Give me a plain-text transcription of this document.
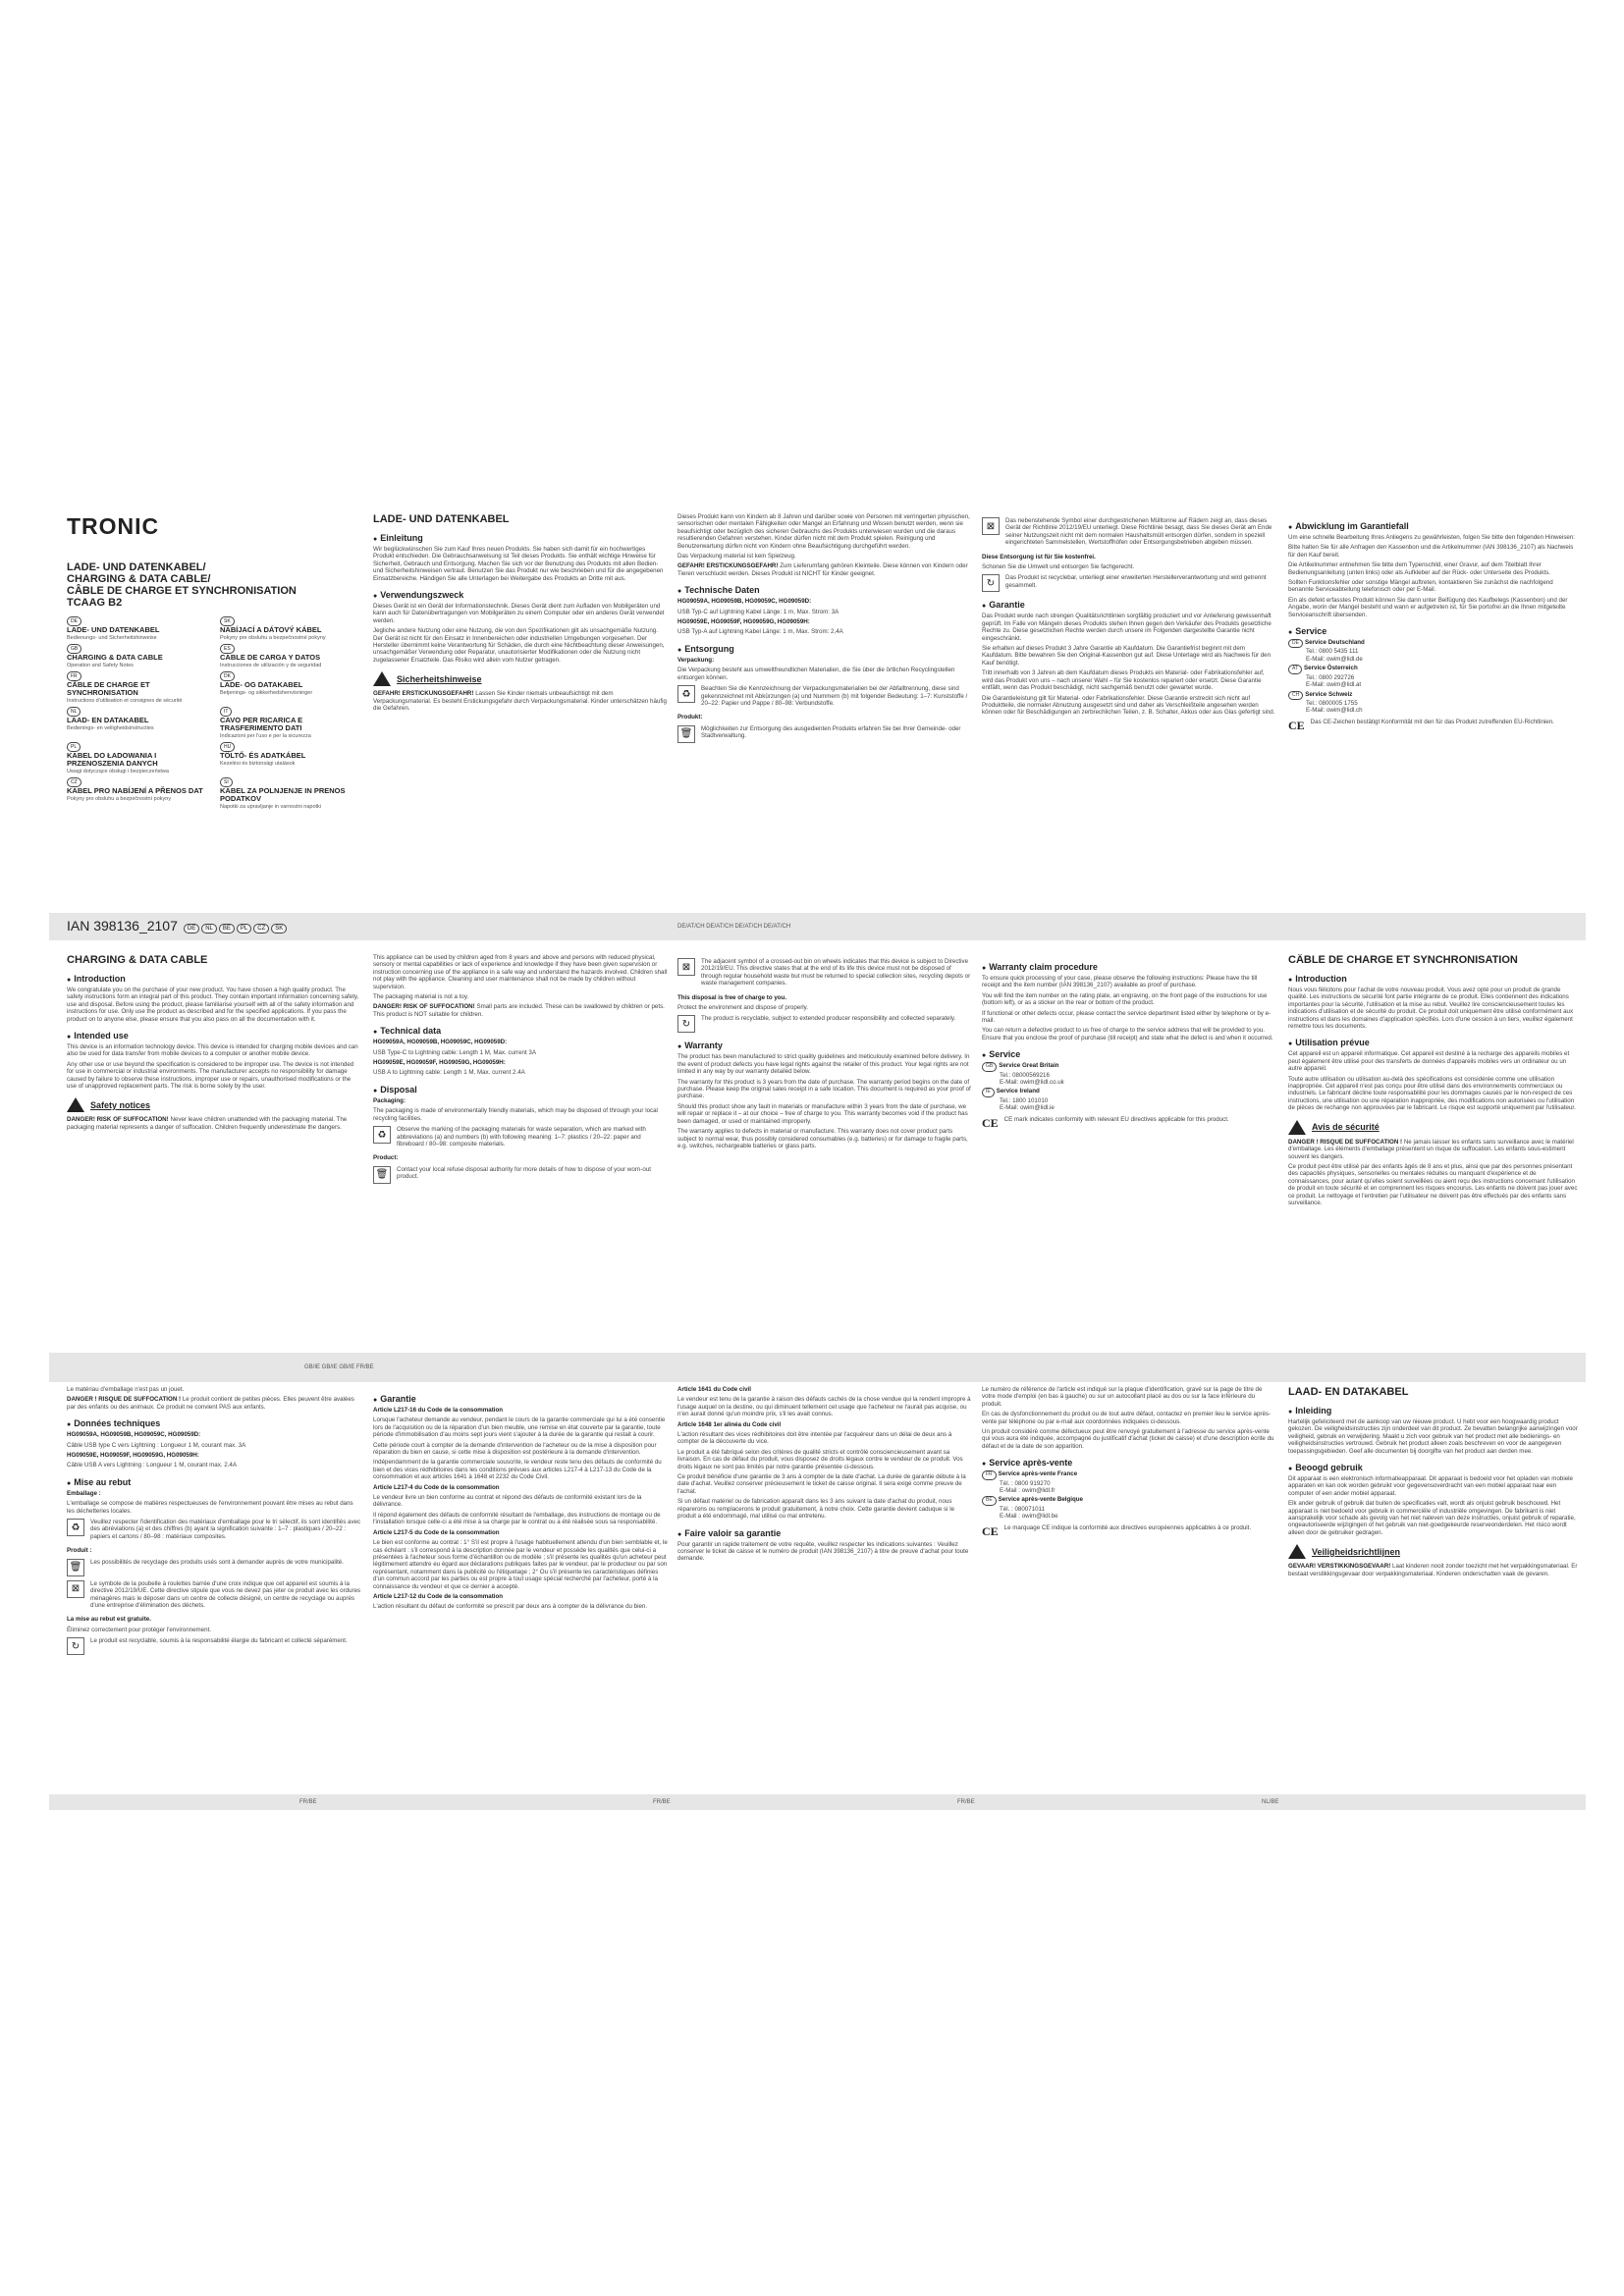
TRONIC
LADE- UND DATENKABEL/
CHARGING & DATA CABLE/
CÂBLE DE CHARGE ET SYNCHRONISATION
TCAAG B2
DE
LADE- UND DATENKABEL
Bedienungs- und Sicherheitshinweise
SK
NABÍJACÍ A DÁTOVÝ KÁBEL
Pokyny pre obsluhu a bezpečnostné pokyny
GB
CHARGING & DATA CABLE
Operation and Safety Notes
ES
CABLE DE CARGA Y DATOS
Instrucciones de utilización y de seguridad
FR
CÂBLE DE CHARGE ET SYNCHRONISATION
Instructions d'utilisation et consignes de sécurité
DK
LADE- OG DATAKABEL
Betjenings- og sikkerhedshenvisninger
NL
LAAD- EN DATAKABEL
Bedienings- en veiligheidsinstructies
IT
CAVO PER RICARICA E TRASFERIMENTO DATI
Indicazioni per l'uso e per la sicurezza
PL
KABEL DO ŁADOWANIA I PRZENOSZENIA DANYCH
Uwagi dotyczące obsługi i bezpieczeństwa
HU
TÖLTŐ- ÉS ADATKÁBEL
Kezelési és biztonsági utalások
CZ
KABEL PRO NABÍJENÍ A PŘENOS DAT
Pokyny pro obsluhu a bezpečnostní pokyny
SI
KABEL ZA POLNJENJE IN PRENOS PODATKOV
Napotki za upravljanje in varnostni napotki
LADE- UND DATENKABEL
● Einleitung

Wir beglückwünschen Sie zum Kauf Ihres neuen Produkts. Sie haben sich damit für ein hochwertiges Produkt entschieden. Die Gebrauchsanweisung ist Teil dieses Produkts. Sie enthält wichtige Hinweise für Sicherheit, Gebrauch und Entsorgung. Machen Sie sich vor der Benutzung des Produkts mit allen Bedien- und Sicherheitshinweisen vertraut. Benutzen Sie das Produkt nur wie beschrieben und für die angegebenen Einsatzbereiche. Händigen Sie alle Unterlagen bei Weitergabe des Produkts an Dritte mit aus.

● Verwendungszweck

Dieses Gerät ist ein Gerät der Informationstechnik. Dieses Gerät dient zum Aufladen von Mobilgeräten und kann auch für Datenübertragungen von Mobilgeräten zu einem Computer oder ein anderes Gerät verwendet werden.

Jegliche andere Nutzung oder eine Nutzung, die von den Spezifikationen gilt als unsachgemäße Nutzung. Der Gerät ist nicht für den Einsatz in Innenbereichen oder industriellen Umgebungen vorgesehen. Der Hersteller übernimmt keine Verantwortung für Schäden, die durch eine Nichtbeachtung dieser Anweisungen, unsachgemäßer Verwendung oder Reparatur, unautorisierter Modifikationen oder die Nutzung nicht zugelassener Ersatzteile. Das Risiko wird allein vom Nutzer getragen.

Sicherheitshinweise

GEFAHR! ERSTICKUNGSGEFAHR! Lassen Sie Kinder niemals unbeaufsichtigt mit dem Verpackungsmaterial. Es besteht Erstickungsgefahr durch Verpackungsmaterial. Kinder unterschätzen häufig die Gefahren.

Dieses Produkt kann von Kindern ab 8 Jahren und darüber sowie von Personen mit verringerten physischen, sensorischen oder mentalen Fähigkeiten oder Mangel an Erfahrung und Wissen benutzt werden, wenn sie beaufsichtigt oder bezüglich des sicheren Gebrauchs des Produkts unterwiesen wurden und die daraus resultierenden Gefahren verstehen. Kinder dürfen nicht mit dem Produkt spielen. Reinigung und Benutzerwartung dürfen nicht von Kindern ohne Beaufsichtigung durchgeführt werden.

Das Verpackung material ist kein Spielzeug.

GEFAHR! ERSTICKUNGSGEFAHR! Zum Lieferumfang gehören Kleinteile. Diese können von Kindern oder Tieren verschluckt werden. Dieses Produkt ist NICHT für Kinder geeignet.

● Technische Daten

HG09059A, HG09059B, HG09059C, HG09059D:

USB Typ-C auf Lightning Kabel Länge: 1 m, Max. Strom: 3A

HG09059E, HG09059F, HG09059G, HG09059H:

USB Typ-A auf Lightning Kabel Länge: 1 m, Max. Strom: 2,4A

● Entsorgung

Verpackung:

Die Verpackung besteht aus umweltfreundlichen Materialien, die Sie über die örtlichen Recyclingstellen entsorgen können.

♻	Beachten Sie die Kennzeichnung der Verpackungsmaterialien bei der Abfalltrennung, diese sind gekennzeichnet mit Abkürzungen (a) und Nummern (b) mit folgender Bedeutung: 1–7: Kunststoffe / 20–22: Papier und Pappe / 80–98: Verbundstoffe.

Produkt:

🗑	Möglichkeiten zur Entsorgung des ausgedienten Produkts erfahren Sie bei Ihrer Gemeinde- oder Stadtverwaltung.

⊠	Das nebenstehende Symbol einer durchgestrichenen Mülltonne auf Rädern zeigt an, dass dieses Gerät der Richtlinie 2012/19/EU unterliegt. Diese Richtlinie besagt, dass Sie dieses Gerät am Ende seiner Nutzungszeit nicht mit dem normalen Haushaltsmüll entsorgen dürfen, sondern in speziell eingerichteten Sammelstellen, Wertstoffhöfen oder Entsorgungsbetrieben abgeben müssen.

Diese Entsorgung ist für Sie kostenfrei.

Schonen Sie die Umwelt und entsorgen Sie fachgerecht.

↻	Das Produkt ist recyclebar, unterliegt einer erweiterten Herstellerverantwortung und wird getrennt gesammelt.

● Garantie

Das Produkt wurde nach strengen Qualitätsrichtlinien sorgfältig produziert und vor Anlieferung gewissenhaft geprüft. Im Falle von Mängeln dieses Produkts stehen Ihnen gegen den Verkäufer des Produkts gesetzliche Rechte zu. Diese gesetzlichen Rechte werden durch unsere im Folgenden dargestellte Garantie nicht eingeschränkt.

Sie erhalten auf dieses Produkt 3 Jahre Garantie ab Kaufdatum. Die Garantiefrist beginnt mit dem Kaufdatum. Bitte bewahren Sie den Original-Kassenbon gut auf. Diese Unterlage wird als Nachweis für den Kauf benötigt.

Tritt innerhalb von 3 Jahren ab dem Kaufdatum dieses Produkts ein Material- oder Fabrikationsfehler auf, wird das Produkt von uns – nach unserer Wahl – für Sie kostenlos repariert oder ersetzt. Diese Garantie entfällt, wenn das Produkt beschädigt, nicht sachgemäß benutzt oder gewartet wurde.

Die Garantieleistung gilt für Material- oder Fabrikationsfehler. Diese Garantie erstreckt sich nicht auf Produktteile, die normaler Abnutzung ausgesetzt sind und daher als Verschleißteile angesehen werden können oder für Beschädigungen an zerbrechlichen Teilen, z. B. Schalter, Akkus oder aus Glas gefertigt sind.

● Abwicklung im Garantiefall

Um eine schnelle Bearbeitung Ihres Anliegens zu gewährleisten, folgen Sie bitte den folgenden Hinweisen:

Bitte halten Sie für alle Anfragen den Kassenbon und die Artikelnummer (IAN 398136_2107) als Nachweis für den Kauf bereit.

Die Artikelnummer entnehmen Sie bitte dem Typenschild, einer Gravur, auf dem Titelblatt Ihrer Bedienungsanleitung (unten links) oder als Aufkleber auf der Rück- oder Unterseite des Produkts.

Sollten Funktionsfehler oder sonstige Mängel auftreten, kontaktieren Sie zunächst die nachfolgend benannte Serviceabteilung telefonisch oder per E-Mail.

Ein als defekt erfasstes Produkt können Sie dann unter Beifügung des Kaufbelegs (Kassenbon) und der Angabe, worin der Mangel besteht und wann er aufgetreten ist, für Sie portofrei an die Ihnen mitgeteilte Serviceanschrift übersenden.

● Service
DE Service Deutschland
Tel.: 0800 5435 111
E-Mail: owim@lidl.de
AT Service Österreich
Tel.: 0800 292726
E-Mail: owim@lidl.at
CH Service Schweiz
Tel.: 0800005 1755
E-Mail: owim@lidl.ch
CE Das CE-Zeichen bestätigt Konformität mit den für das Produkt zutreffenden EU-Richtlinien.

IAN 398136_2107	DE NL BE PL CZ SK	DE/AT/CH DE/AT/CH DE/AT/CH DE/AT/CH
CHARGING & DATA CABLE
● Introduction

We congratulate you on the purchase of your new product. You have chosen a high quality product. The safety instructions form an integral part of this product. They contain important information concerning safety, use and disposal. Before using the product, please familiarise yourself with all of the safety information and instructions for use. Only use the product as described and for the specified applications. If you pass the product on to anyone else, please ensure that you also pass on all the documentation with it.

● Intended use

This device is an information technology device. This device is intended for charging mobile devices and can also be used for data transfer from mobile devices to a computer or another mobile device.

Any other use or use beyond the specification is considered to be improper use. The device is not intended for use in commercial or industrial environments. The manufacturer accepts no responsibility for damage caused by failure to observe these instructions, improper use or repairs, unauthorised modifications or the use of unapproved replacement parts. The risk is borne solely by the user.

Safety notices

DANGER! RISK OF SUFFOCATION! Never leave children unattended with the packaging material. The packaging material represents a danger of suffocation. Children frequently underestimate the dangers.

This appliance can be used by children aged from 8 years and above and persons with reduced physical, sensory or mental capabilities or lack of experience and knowledge if they have been given supervision or instruction concerning use of the appliance in a safe way and understand the hazards involved. Children shall not play with the appliance. Cleaning and user maintenance shall not be made by children without supervision.

The packaging material is not a toy.

DANGER! RISK OF SUFFOCATION! Small parts are included. These can be swallowed by children or pets. This product is NOT suitable for children.

● Technical data

HG09059A, HG09059B, HG09059C, HG09059D:

USB Type-C to Lightning cable: Length 1 M, Max. current 3A

HG09059E, HG09059F, HG09059G, HG09059H:

USB A to Lightning cable: Length 1 M, Max. current 2.4A

● Disposal

Packaging:

The packaging is made of environmentally friendly materials, which may be disposed of through your local recycling facilities.

♻	Observe the marking of the packaging materials for waste separation, which are marked with abbreviations (a) and numbers (b) with following meaning: 1–7: plastics / 20–22: paper and fibreboard / 80–98: composite materials.

Product:

🗑	Contact your local refuse disposal authority for more details of how to dispose of your worn-out product.

⊠	The adjacent symbol of a crossed-out bin on wheels indicates that this device is subject to Directive 2012/19/EU. This directive states that at the end of its life this device must not be disposed of through regular household waste but must be returned to special collection sites, recycling depots or waste management companies.

This disposal is free of charge to you.

Protect the environment and dispose of properly.

↻	The product is recyclable, subject to extended producer responsibility and collected separately.

● Warranty

The product has been manufactured to strict quality guidelines and meticulously examined before delivery. In the event of product defects you have legal rights against the retailer of this product. Your legal rights are not limited in any way by our warranty detailed below.

The warranty for this product is 3 years from the date of purchase. The warranty period begins on the date of purchase. Please keep the original sales receipt in a safe location. This document is required as your proof of purchase.

Should this product show any fault in materials or manufacture within 3 years from the date of purchase, we will repair or replace it – at our choice – free of charge to you. This warranty becomes void if the product has been damaged, or used or maintained improperly.

The warranty applies to defects in material or manufacture. This warranty does not cover product parts subject to normal wear, thus possibly considered consumables (e.g. batteries) or for damage to fragile parts, e.g. switches, rechargeable batteries or glass parts.

● Warranty claim procedure

To ensure quick processing of your case, please observe the following instructions: Please have the till receipt and the item number (IAN 398136_2107) available as proof of purchase.

You will find the item number on the rating plate, an engraving, on the front page of the instructions for use (bottom left), or as a sticker on the rear or bottom of the product.

If functional or other defects occur, please contact the service department listed either by telephone or by e-mail.

You can return a defective product to us free of charge to the service address that will be provided to you. Ensure that you enclose the proof of purchase (till receipt) and state what the defect is and when it occurred.

● Service
GB Service Great Britain
Tel.: 08000569216
E-Mail: owim@lidl.co.uk
IE Service Ireland
Tel.: 1800 101010
E-Mail: owim@lidl.ie
CE CE mark indicates conformity with relevant EU directives applicable for this product.

CÂBLE DE CHARGE ET SYNCHRONISATION
● Introduction

Nous vous félicitons pour l'achat de votre nouveau produit. Vous avez opté pour un produit de grande qualité. Les instructions de sécurité font partie intégrante de ce produit. Elles contiennent des indications importantes pour la sécurité, l'utilisation et la mise au rebut. Veuillez lire consciencieusement toutes les indications d'utilisation et de sécurité du produit. Ce produit doit uniquement être utilisé conformément aux instructions et dans les domaines d'application spécifiés. Lors d'une cession à un tiers, veuillez également remettre tous les documents.

● Utilisation prévue

Cet appareil est un appareil informatique. Cet appareil est destiné à la recharge des appareils mobiles et peut également être utilisé pour des transferts de données d'appareils mobiles vers un ordinateur ou un autre appareil.

Toute autre utilisation ou utilisation au-delà des spécifications est considérée comme une utilisation inappropriée. Cet appareil n'est pas conçu pour être utilisé dans des environnements commerciaux ou industriels. Le fabricant décline toute responsabilité pour les dommages causés par le non-respect de ces instructions, une utilisation ou une réparation inappropriée, des modifications non autorisées ou l'utilisation de pièces de rechange non approuvées par le fabricant. Le risque est supporté uniquement par l'utilisateur.

Avis de sécurité

DANGER ! RISQUE DE SUFFOCATION ! Ne jamais laisser les enfants sans surveillance avec le matériel d'emballage. Les éléments d'emballage présentent un risque de suffocation. Les enfants sous-estiment souvent les dangers.

Ce produit peut être utilisé par des enfants âgés de 8 ans et plus, ainsi que par des personnes présentant des capacités physiques, sensorielles ou mentales réduites ou manquant d'expérience et de connaissances, pour autant qu'elles soient surveillées ou aient reçu des instructions concernant l'utilisation de produit en toute sécurité et en comprennent les risques encourus. Les enfants ne doivent pas jouer avec ce produit. Le nettoyage et l'entretien par l'utilisateur ne doivent pas être effectués par des enfants sans surveillance.

GB/IE GB/IE GB/IE FR/BE

Le matériau d'emballage n'est pas un jouet.

DANGER ! RISQUE DE SUFFOCATION ! Le produit contient de petites pièces. Elles peuvent être avalées par des enfants ou des animaux. Ce produit ne convient PAS aux enfants.

● Données techniques

HG09059A, HG09059B, HG09059C, HG09059D:

Câble USB type C vers Lightning : Longueur 1 M, courant max. 3A

HG09059E, HG09059F, HG09059G, HG09059H:

Câble USB A vers Lightning : Longueur 1 M, courant max. 2.4A

● Mise au rebut

Emballage :

L'emballage se compose de matières respectueuses de l'environnement pouvant être mises au rebut dans les déchetteries locales.

♻	Veuillez respecter l'identification des matériaux d'emballage pour le tri sélectif, ils sont identifiés avec des abréviations (a) et des chiffres (b) ayant la signification suivante : 1–7 : plastiques / 20–22 : papiers et cartons / 80–98 : matériaux composites.

Produit :

🗑	Les possibilités de recyclage des produits usés sont à demander auprès de votre municipalité.

⊠	Le symbole de la poubelle à roulettes barrée d'une croix indique que cet appareil est soumis à la directive 2012/19/UE. Cette directive stipule que vous ne devez pas jeter ce produit avec les ordures ménagères mais le déposer dans un centre de collecte désigné, un centre de recyclage ou auprès d'une entreprise d'élimination des déchets.

La mise au rebut est gratuite.

Éliminez correctement pour protéger l'environnement.

↻	Le produit est recyclable, soumis à la responsabilité élargie du fabricant et collecté séparément.

● Garantie

Article L217-16 du Code de la consommation

Lorsque l'acheteur demande au vendeur, pendant le cours de la garantie commerciale qui lui a été consentie lors de l'acquisition ou de la réparation d'un bien meuble, une remise en état couverte par la garantie, toute période d'immobilisation d'au moins sept jours vient s'ajouter à la durée de la garantie qui restait à courir.

Cette période court à compter de la demande d'intervention de l'acheteur ou de la mise à disposition pour réparation du bien en cause, si cette mise à disposition est postérieure à la demande d'intervention.

Indépendamment de la garantie commerciale souscrite, le vendeur reste tenu des défauts de conformité du bien et des vices rédhibitoires dans les conditions prévues aux articles L217-4 à L217-13 du Code de la consommation et aux articles 1641 à 1648 et 2232 du Code Civil.

Article L217-4 du Code de la consommation

Le vendeur livre un bien conforme au contrat et répond des défauts de conformité existant lors de la délivrance.

Il répond également des défauts de conformité résultant de l'emballage, des instructions de montage ou de l'installation lorsque celle-ci a été mise à sa charge par le contrat ou a été réalisée sous sa responsabilité.

Article L217-5 du Code de la consommation

Le bien est conforme au contrat : 1° S'il est propre à l'usage habituellement attendu d'un bien semblable et, le cas échéant : s'il correspond à la description donnée par le vendeur et possède les qualités que celui-ci a présentées à l'acheteur sous forme d'échantillon ou de modèle ; s'il présente les qualités qu'un acheteur peut légitimement attendre eu égard aux déclarations publiques faites par le vendeur, par le producteur ou par son représentant, notamment dans la publicité ou l'étiquetage ; 2° Ou s'il présente les caractéristiques définies d'un commun accord par les parties ou est propre à tout usage spécial recherché par l'acheteur, porté à la connaissance du vendeur et que ce dernier a accepté.

Article L217-12 du Code de la consommation

L'action résultant du défaut de conformité se prescrit par deux ans à compter de la délivrance du bien.

Article 1641 du Code civil

Le vendeur est tenu de la garantie à raison des défauts cachés de la chose vendue qui la rendent impropre à l'usage auquel on la destine, ou qui diminuent tellement cet usage que l'acheteur ne l'aurait pas acquise, ou n'en aurait donné qu'un moindre prix, s'il les avait connus.

Article 1648 1er alinéa du Code civil

L'action résultant des vices rédhibitoires doit être intentée par l'acquéreur dans un délai de deux ans à compter de la découverte du vice.

Le produit a été fabriqué selon des critères de qualité stricts et contrôlé consciencieusement avant sa livraison. En cas de défaut du produit, vous disposez de droits légaux contre le vendeur de ce produit. Vos droits légaux ne sont pas limités par notre garantie présentée ci-dessous.

Ce produit bénéficie d'une garantie de 3 ans à compter de la date d'achat. La durée de garantie débute à la date d'achat. Veuillez conserver précieusement le ticket de caisse original. Il sera exigé comme preuve de l'achat.

Si un défaut matériel ou de fabrication apparaît dans les 3 ans suivant la date d'achat du produit, nous réparerons ou remplacerons le produit gratuitement, à notre choix. Cette garantie devient caduque si le produit a été endommagé, mal utilisé ou mal entretenu.

● Faire valoir sa garantie

Pour garantir un rapide traitement de votre requête, veuillez respecter les indications suivantes : Veuillez conserver le ticket de caisse et le numéro de produit (IAN 398136_2107) à titre de preuve d'achat pour toute demande.

Le numéro de référence de l'article est indiqué sur la plaque d'identification, gravé sur la page de titre de votre mode d'emploi (en bas à gauche) ou sur un autocollant placé au dos ou sur la face inférieure du produit.

En cas de dysfonctionnement du produit ou de tout autre défaut, contactez en premier lieu le service après-vente par téléphone ou par e-mail aux coordonnées indiquées ci-dessous.

Un produit considéré comme défectueux peut être renvoyé gratuitement à l'adresse du service après-vente qui vous aura été indiquée, accompagné du justificatif d'achat (ticket de caisse) et d'une description écrite du défaut et de la date de son apparition.

● Service après-vente
FR Service après-vente France
Tél. : 0800 919270
E-Mail : owim@lidl.fr
BE Service après-vente Belgique
Tél. : 080071011
E-Mail : owim@lidl.be
CE Le marquage CE indique la conformité aux directives européennes applicables à ce produit.

LAAD- EN DATAKABEL
● Inleiding

Hartelijk gefeliciteerd met de aankoop van uw nieuwe product. U hebt voor een hoogwaardig product gekozen. De veiligheidsinstructies zijn onderdeel van dit product. Ze bevatten belangrijke aanwijzingen voor veiligheid, gebruik en verwijdering. Maakt u zich voor gebruik van het product met alle bedienings- en veiligheidsinstructies vertrouwd. Gebruik het product alleen zoals beschreven en voor de aangegeven toepassingsgebieden. Geef alle documenten bij doorgifte van het product aan derden mee.

● Beoogd gebruik

Dit apparaat is een elektronisch informatieapparaat. Dit apparaat is bedoeld voor het opladen van mobiele apparaten en kan ook worden gebruikt voor gegevensoverdracht van een mobiel apparaat naar een computer of een ander mobiel apparaat.

Elk ander gebruik of gebruik dat buiten de specificaties valt, wordt als onjuist gebruik beschouwd. Het apparaat is niet bedoeld voor gebruik in commerciële of industriële omgevingen. De fabrikant is niet aansprakelijk voor schade als gevolg van het niet naleven van deze instructies, onjuist gebruik of reparatie, ongeautoriseerde wijzigingen of het gebruik van niet-goedgekeurde reserveonderdelen. Het risico wordt alleen door de gebruiker gedragen.

Veiligheidsrichtlijnen

GEVAAR! VERSTIKKINGSGEVAAR! Laat kinderen nooit zonder toezicht met het verpakkingsmateriaal. Er bestaat verstikkingsgevaar door verpakkingsmateriaal. Kinderen onderschatten vaak de gevaren.

FR/BE	FR/BE	FR/BE	NL/BE
